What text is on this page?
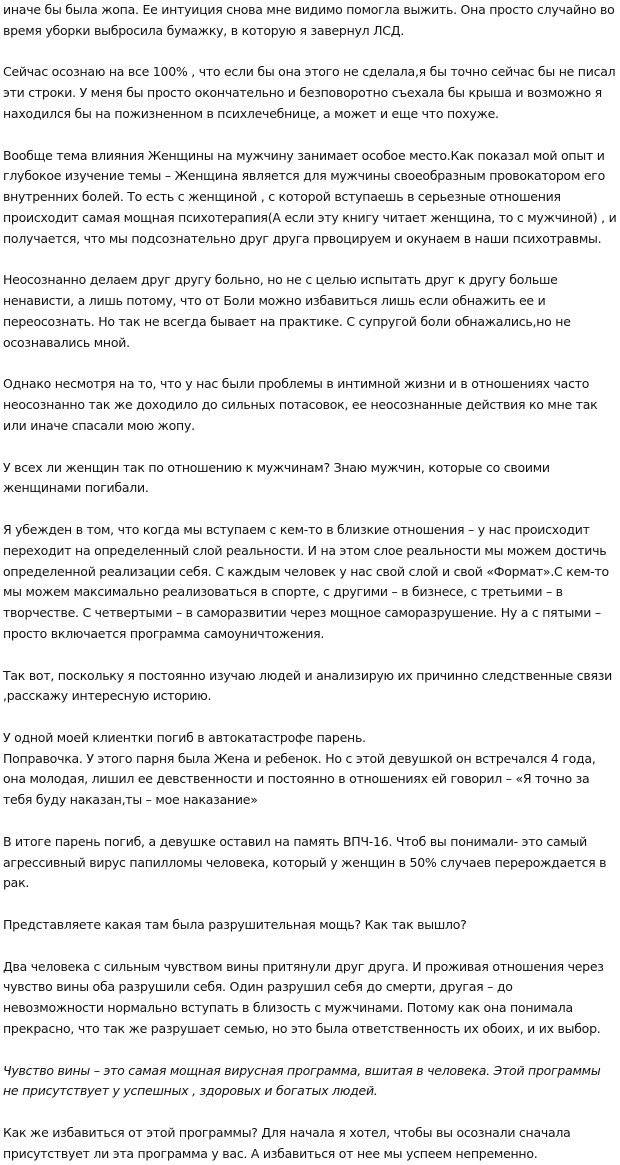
иначе бы была жопа. Ее интуиция снова мне видимо помогла выжить. Она просто случайно во время уборки выбросила бумажку, в которую я завернул ЛСД.

Сейчас осознаю на все 100% , что если бы она этого не сделала,я бы точно сейчас бы не писал эти строки. У меня бы просто окончательно и безповоротно съехала бы крыша и возможно я находился бы на пожизненном в психлечебнице, а может и еще что похуже.

Вообще тема влияния Женщины на мужчину занимает особое место.Как показал мой опыт и глубокое изучение темы – Женщина является для мужчины своеобразным провокатором его внутренних болей. То есть с женщиной , с которой вступаешь в серьезные отношения происходит самая мощная психотерапия(А если эту книгу читает женщина, то с мужчиной) , и получается, что мы подсознательно друг друга првоцируем и окунаем в наши психотравмы.

Неосознанно делаем друг другу больно, но не с целью испытать друг к другу больше ненависти, а лишь потому, что от Боли можно избавиться лишь если обнажить ее и переосознать. Но так не всегда бывает на практике. С супругой боли обнажались,но не осознавались мной.

Однако несмотря на то, что у нас были проблемы в интимной жизни и в отношениях часто неосознанно так же доходило до сильных потасовок, ее неосознанные действия ко мне так или иначе спасали мою жопу.

У всех ли женщин так по отношению к мужчинам? Знаю мужчин, которые со своими женщинами погибали.

Я убежден в том, что когда мы вступаем с кем-то в близкие отношения – у нас происходит переходит на определенный слой реальности. И на этом слое реальности мы можем достичь определенной реализации себя. С каждым человек у нас свой слой и свой «Формат».С кем-то мы можем максимально реализоваться в спорте, с другими – в бизнесе, с третьими – в творчестве. С четвертыми – в саморазвитии через мощное саморазрушение. Ну а с пятыми – просто включается программа самоуничтожения.

Так вот, поскольку я постоянно изучаю людей и анализирую их причинно следственные связи ,расскажу интересную историю.

У одной моей клиентки погиб в автокатастрофе парень.

Поправочка. У этого парня была Жена и ребенок. Но с этой девушкой он встречался 4 года, она молодая, лишил ее девственности и постоянно в отношениях ей говорил – «Я точно за тебя буду наказан,ты – мое наказание»

В итоге парень погиб, а девушке оставил на память ВПЧ-16. Чтоб вы понимали- это самый агрессивный вирус папилломы человека, который у женщин в 50% случаев перерождается в рак.

Представляете какая там была разрушительная мощь? Как так вышло?

Два человека с сильным чувством вины притянули друг друга. И проживая отношения через чувство вины оба разрушили себя. Один разрушил себя до смерти, другая – до невозможности нормально вступать в близость с мужчинами. Потому как она понимала прекрасно, что так же разрушает семью, но это была ответственность их обоих, и их выбор.

Чувство вины – это самая мощная вирусная программа, вшитая в человека. Этой программы не присутствует у успешных , здоровых и богатых людей.

Как же избавиться от этой программы? Для начала я хотел, чтобы вы осознали сначала присутствует ли эта программа у вас. А избавиться от нее мы успеем непременно.
